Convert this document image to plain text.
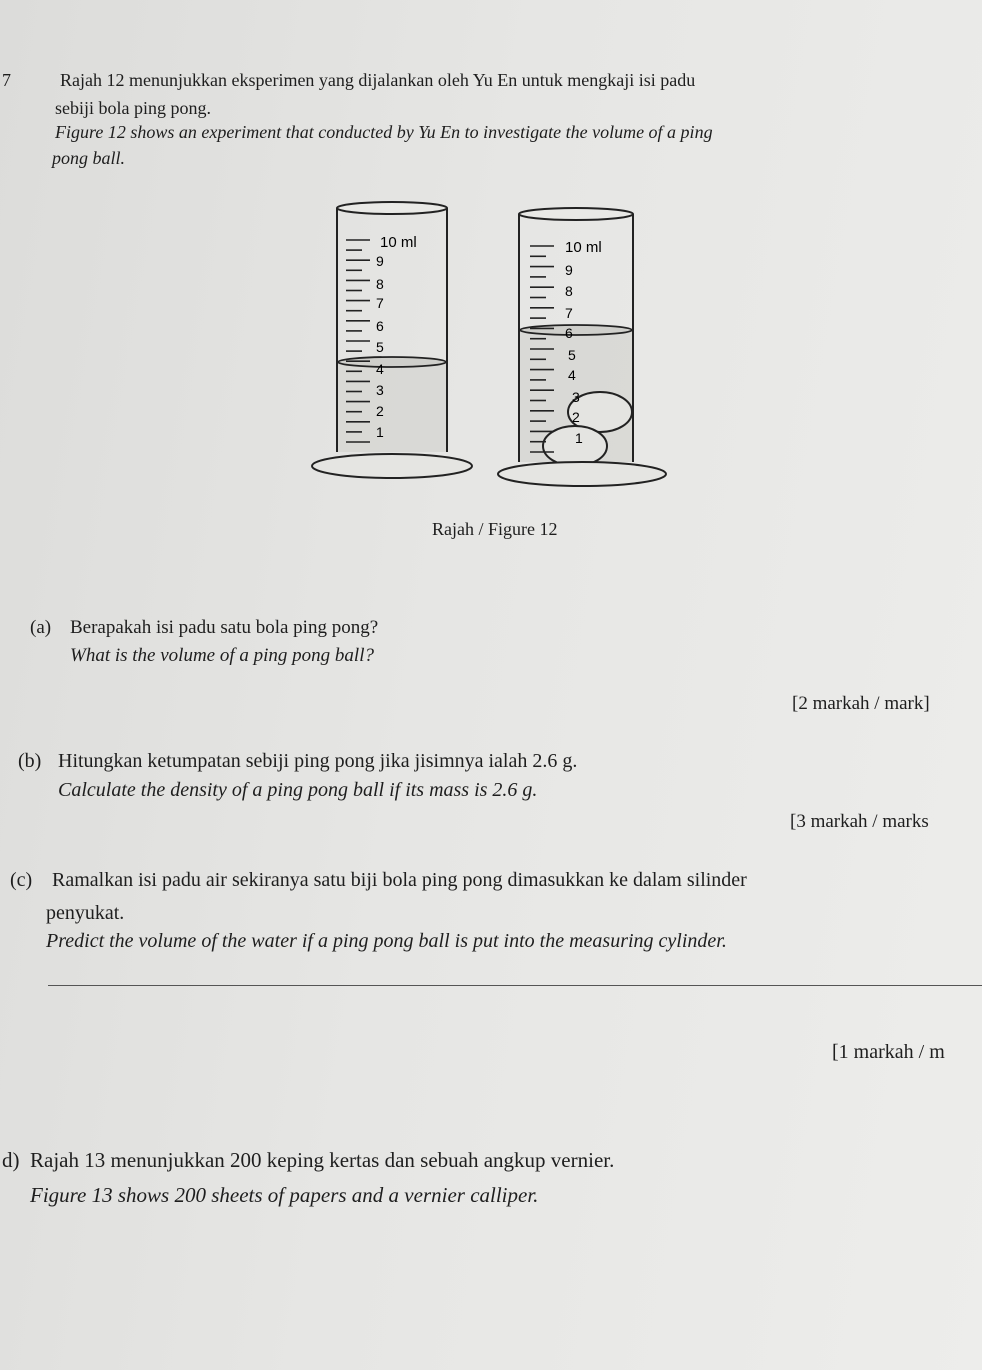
7	Rajah 12 menunjukkan eksperimen yang dijalankan oleh Yu En untuk mengkaji isi padu
sebiji bola ping pong.
Figure 12 shows an experiment that conducted by Yu En to investigate the volume of a ping
pong ball.
10 ml
9
8
7
6
5
4
3
2
1
10 ml
9
8
7
6
5
4
3
2
1
Rajah / Figure 12
(a) Berapakah isi padu satu bola ping pong?
What is the volume of a ping pong ball?
[2 markah / mark]
(b) Hitungkan ketumpatan sebiji ping pong jika jisimnya ialah 2.6 g.
Calculate the density of a ping pong ball if its mass is 2.6 g.
[3 markah / marks
(c) Ramalkan isi padu air sekiranya satu biji bola ping pong dimasukkan ke dalam silinder
penyukat.
Predict the volume of the water if a ping pong ball is put into the measuring cylinder.
[1 markah / m
d) Rajah 13 menunjukkan 200 keping kertas dan sebuah angkup vernier.
Figure 13 shows 200 sheets of papers and a vernier calliper.
